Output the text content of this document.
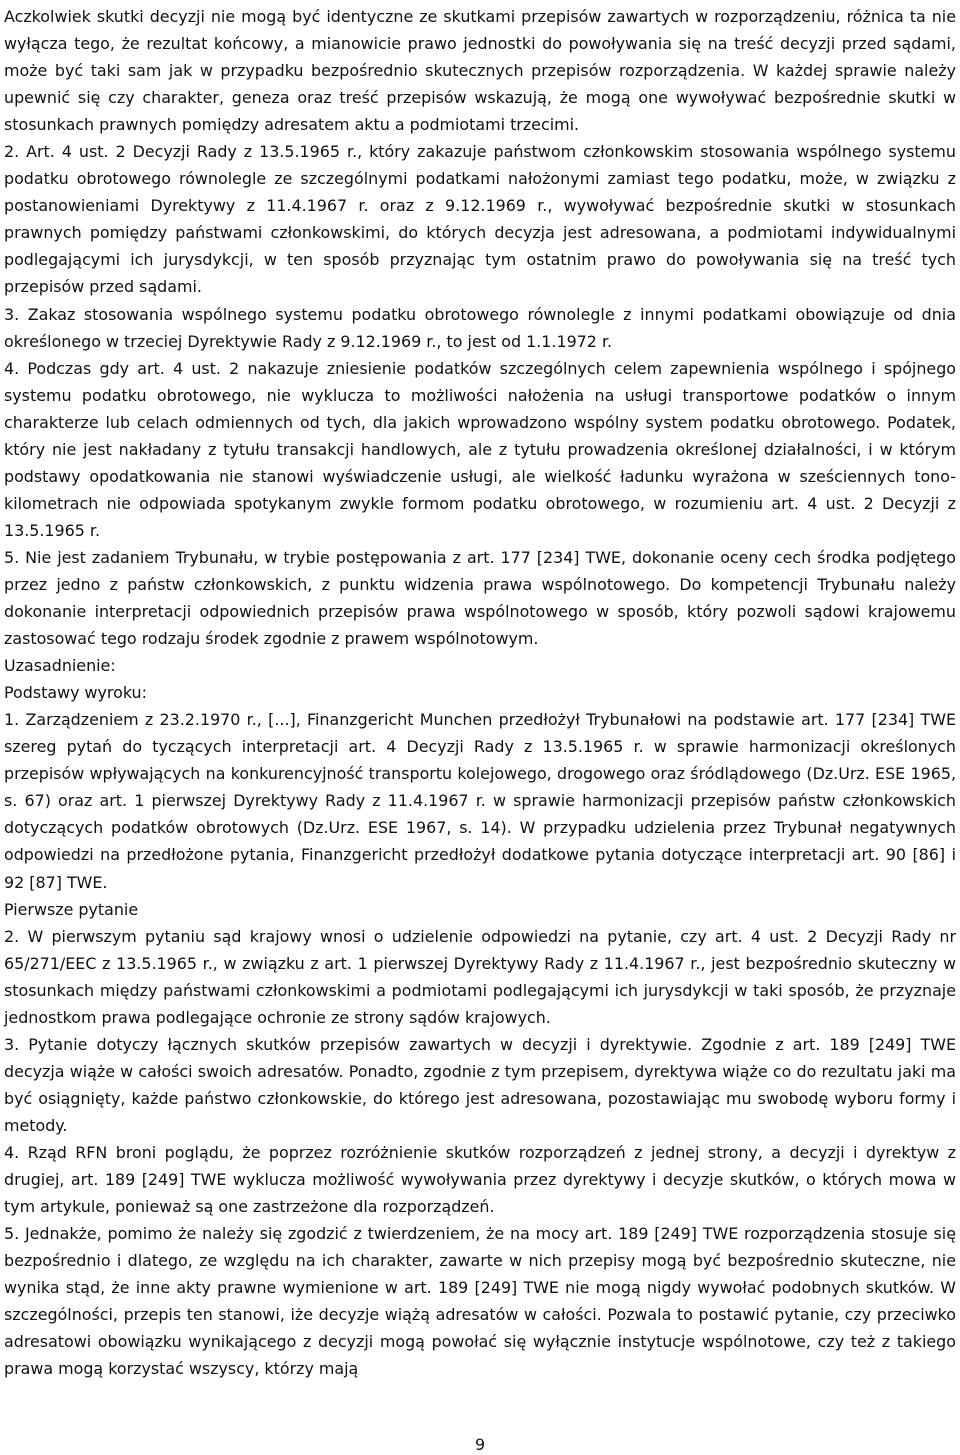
Aczkolwiek skutki decyzji nie mogą być identyczne ze skutkami przepisów zawartych w rozporządzeniu, różnica ta nie wyłącza tego, że rezultat końcowy, a mianowicie prawo jednostki do powoływania się na treść decyzji przed sądami, może być taki sam jak w przypadku bezpośrednio skutecznych przepisów rozporządzenia. W każdej sprawie należy upewnić się czy charakter, geneza oraz treść przepisów wskazują, że mogą one wywoływać bezpośrednie skutki w stosunkach prawnych pomiędzy adresatem aktu a podmiotami trzecimi.

2. Art. 4 ust. 2 Decyzji Rady z 13.5.1965 r., który zakazuje państwom członkowskim stosowania wspólnego systemu podatku obrotowego równolegle ze szczególnymi podatkami nałożonymi zamiast tego podatku, może, w związku z postanowieniami Dyrektywy z 11.4.1967 r. oraz z 9.12.1969 r., wywoływać bezpośrednie skutki w stosunkach prawnych pomiędzy państwami członkowskimi, do których decyzja jest adresowana, a podmiotami indywidualnymi podlegającymi ich jurysdykcji, w ten sposób przyznając tym ostatnim prawo do powoływania się na treść tych przepisów przed sądami.

3. Zakaz stosowania wspólnego systemu podatku obrotowego równolegle z innymi podatkami obowiązuje od dnia określonego w trzeciej Dyrektywie Rady z 9.12.1969 r., to jest od 1.1.1972 r.

4. Podczas gdy art. 4 ust. 2 nakazuje zniesienie podatków szczególnych celem zapewnienia wspólnego i spójnego systemu podatku obrotowego, nie wyklucza to możliwości nałożenia na usługi transportowe podatków o innym charakterze lub celach odmiennych od tych, dla jakich wprowadzono wspólny system podatku obrotowego. Podatek, który nie jest nakładany z tytułu transakcji handlowych, ale z tytułu prowadzenia określonej działalności, i w którym podstawy opodatkowania nie stanowi wyświadczenie usługi, ale wielkość ładunku wyrażona w sześciennych tono-kilometrach nie odpowiada spotykanym zwykle formom podatku obrotowego, w rozumieniu art. 4 ust. 2 Decyzji z 13.5.1965 r.

5. Nie jest zadaniem Trybunału, w trybie postępowania z art. 177 [234] TWE, dokonanie oceny cech środka podjętego przez jedno z państw członkowskich, z punktu widzenia prawa wspólnotowego. Do kompetencji Trybunału należy dokonanie interpretacji odpowiednich przepisów prawa wspólnotowego w sposób, który pozwoli sądowi krajowemu zastosować tego rodzaju środek zgodnie z prawem wspólnotowym.

Uzasadnienie:

Podstawy wyroku:

1. Zarządzeniem z 23.2.1970 r., [...], Finanzgericht Munchen przedłożył Trybunałowi na podstawie art. 177 [234] TWE szereg pytań do tyczących interpretacji art. 4 Decyzji Rady z 13.5.1965 r. w sprawie harmonizacji określonych przepisów wpływających na konkurencyjność transportu kolejowego, drogowego oraz śródlądowego (Dz.Urz. ESE 1965, s. 67) oraz art. 1 pierwszej Dyrektywy Rady z 11.4.1967 r. w sprawie harmonizacji przepisów państw członkowskich dotyczących podatków obrotowych (Dz.Urz. ESE 1967, s. 14). W przypadku udzielenia przez Trybunał negatywnych odpowiedzi na przedłożone pytania, Finanzgericht przedłożył dodatkowe pytania dotyczące interpretacji art. 90 [86] i 92 [87] TWE.

Pierwsze pytanie

2. W pierwszym pytaniu sąd krajowy wnosi o udzielenie odpowiedzi na pytanie, czy art. 4 ust. 2 Decyzji Rady nr 65/271/EEC z 13.5.1965 r., w związku z art. 1 pierwszej Dyrektywy Rady z 11.4.1967 r., jest bezpośrednio skuteczny w stosunkach między państwami członkowskimi a podmiotami podlegającymi ich jurysdykcji w taki sposób, że przyznaje jednostkom prawa podlegające ochronie ze strony sądów krajowych.

3. Pytanie dotyczy łącznych skutków przepisów zawartych w decyzji i dyrektywie. Zgodnie z art. 189 [249] TWE decyzja wiąże w całości swoich adresatów. Ponadto, zgodnie z tym przepisem, dyrektywa wiąże co do rezultatu jaki ma być osiągnięty, każde państwo członkowskie, do którego jest adresowana, pozostawiając mu swobodę wyboru formy i metody.

4. Rząd RFN broni poglądu, że poprzez rozróżnienie skutków rozporządzeń z jednej strony, a decyzji i dyrektyw z drugiej, art. 189 [249] TWE wyklucza możliwość wywoływania przez dyrektywy i decyzje skutków, o których mowa w tym artykule, ponieważ są one zastrzeżone dla rozporządzeń.

5. Jednakże, pomimo że należy się zgodzić z twierdzeniem, że na mocy art. 189 [249] TWE rozporządzenia stosuje się bezpośrednio i dlatego, ze względu na ich charakter, zawarte w nich przepisy mogą być bezpośrednio skuteczne, nie wynika stąd, że inne akty prawne wymienione w art. 189 [249] TWE nie mogą nigdy wywołać podobnych skutków. W szczególności, przepis ten stanowi, iże decyzje wiążą adresatów w całości. Pozwala to postawić pytanie, czy przeciwko adresatowi obowiązku wynikającego z decyzji mogą powołać się wyłącznie instytucje wspólnotowe, czy też z takiego prawa mogą korzystać wszyscy, którzy mają

9
